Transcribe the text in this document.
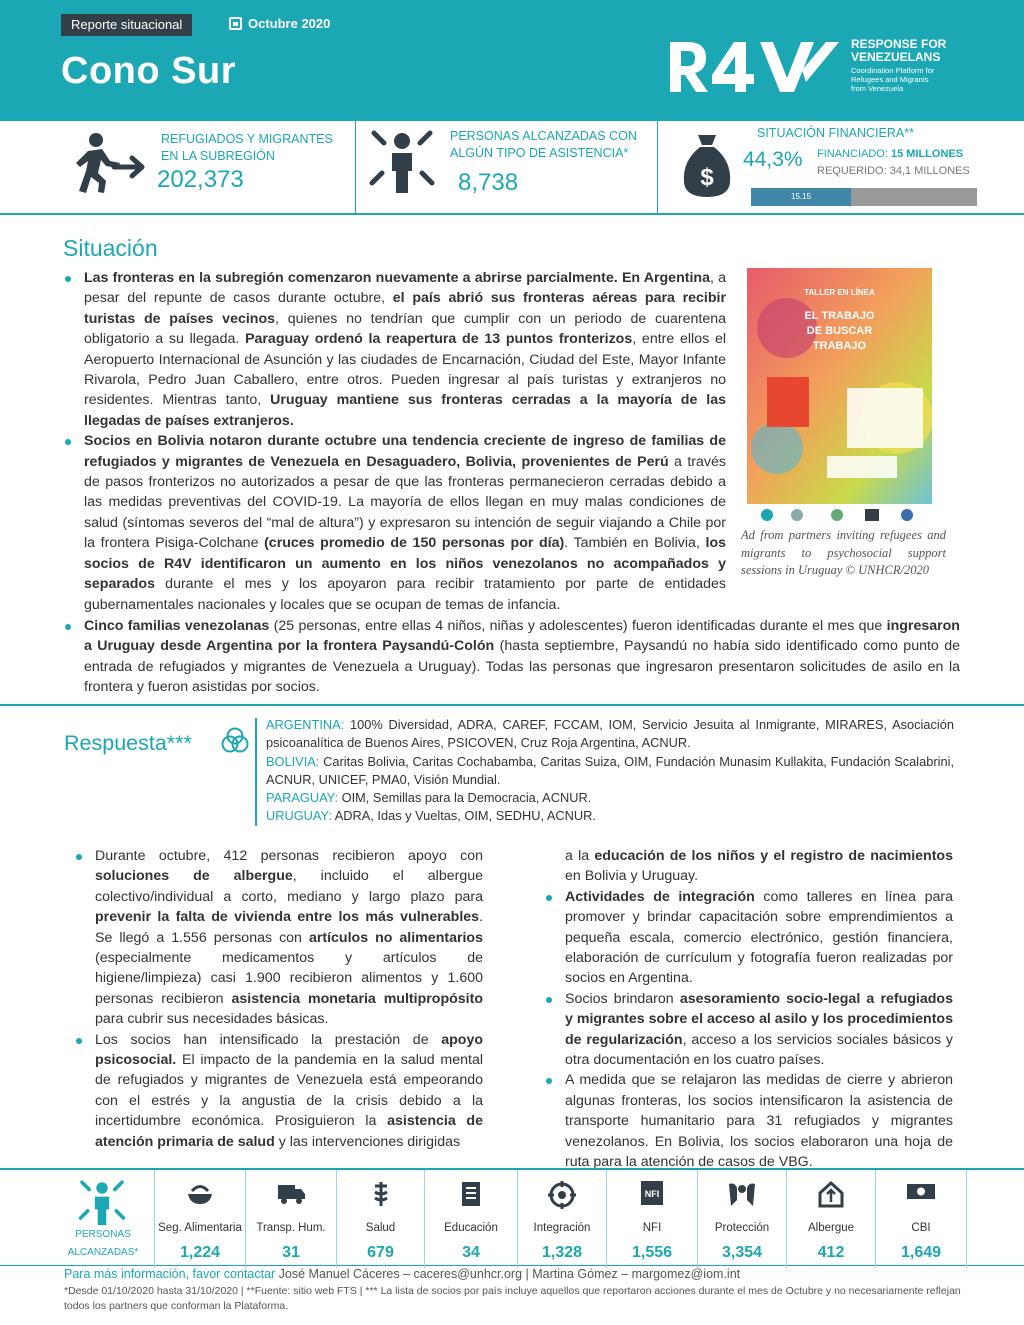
Reporte situacional	Octubre 2020
Cono Sur
RESPONSE FOR
VENEZUELANS
Coordination Platform for
Refugees and Migrants
from Venezuela
REFUGIADOS Y MIGRANTES
EN LA SUBREGIÓN
202,373
PERSONAS ALCANZADAS CON
ALGÚN TIPO DE ASISTENCIA*
8,738	$
SITUACIÓN FINANCIERA**
44,3% FINANCIADO: 15 MILLONES
REQUERIDO: 34,1 MILLONES
15.15
Situación
Las fronteras en la subregión comenzaron nuevamente a abrirse parcialmente. En Argentina, a pesar del repunte de casos durante octubre, el país abrió sus fronteras aéreas para recibir turistas de países vecinos, quienes no tendrían que cumplir con un periodo de cuarentena obligatorio a su llegada. Paraguay ordenó la reapertura de 13 puntos fronterizos, entre ellos el Aeropuerto Internacional de Asunción y las ciudades de Encarnación, Ciudad del Este, Mayor Infante Rivarola, Pedro Juan Caballero, entre otros. Pueden ingresar al país turistas y extranjeros no residentes. Mientras tanto, Uruguay mantiene sus fronteras cerradas a la mayoría de las llegadas de países extranjeros.
Socios en Bolivia notaron durante octubre una tendencia creciente de ingreso de familias de refugiados y migrantes de Venezuela en Desaguadero, Bolivia, provenientes de Perú a través de pasos fronterizos no autorizados a pesar de que las fronteras permanecieron cerradas debido a las medidas preventivas del COVID-19. La mayoría de ellos llegan en muy malas condiciones de salud (síntomas severos del “mal de altura”) y expresaron su intención de seguir viajando a Chile por la frontera Pisiga-Colchane (cruces promedio de 150 personas por día). También en Bolivia, los socios de R4V identificaron un aumento en los niños venezolanos no acompañados y separados durante el mes y los apoyaron para recibir tratamiento por parte de entidades gubernamentales nacionales y locales que se ocupan de temas de infancia.
Cinco familias venezolanas (25 personas, entre ellas 4 niños, niñas y adolescentes) fueron identificadas durante el mes que ingresaron a Uruguay desde Argentina por la frontera Paysandú-Colón (hasta septiembre, Paysandú no había sido identificado como punto de entrada de refugiados y migrantes de Venezuela a Uruguay). Todas las personas que ingresaron presentaron solicitudes de asilo en la frontera y fueron asistidas por socios.
TALLER EN LÍNEA
EL TRABAJO
DE BUSCAR
TRABAJO
Ad from partners inviting refugees and migrants to psychosocial support sessions in Uruguay © UNHCR/2020
Respuesta***
ARGENTINA: 100% Diversidad, ADRA, CAREF, FCCAM, IOM, Servicio Jesuita al Inmigrante, MIRARES, Asociación psicoanalítica de Buenos Aires, PSICOVEN, Cruz Roja Argentina, ACNUR.
BOLIVIA: Caritas Bolivia, Caritas Cochabamba, Caritas Suiza, OIM, Fundación Munasim Kullakita, Fundación Scalabrini, ACNUR, UNICEF, PMA0, Visión Mundial.
PARAGUAY: OIM, Semillas para la Democracia, ACNUR.
URUGUAY: ADRA, Idas y Vueltas, OIM, SEDHU, ACNUR.
Durante octubre, 412 personas recibieron apoyo con soluciones de albergue, incluido el albergue colectivo/individual a corto, mediano y largo plazo para prevenir la falta de vivienda entre los más vulnerables. Se llegó a 1.556 personas con artículos no alimentarios (especialmente medicamentos y artículos de higiene/limpieza) casi 1.900 recibieron alimentos y 1.600 personas recibieron asistencia monetaria multipropósito para cubrir sus necesidades básicas.
Los socios han intensificado la prestación de apoyo psicosocial. El impacto de la pandemia en la salud mental de refugiados y migrantes de Venezuela está empeorando con el estrés y la angustia de la crisis debido a la incertidumbre económica. Prosiguieron la asistencia de atención primaria de salud y las intervenciones dirigidas
a la educación de los niños y el registro de nacimientos en Bolivia y Uruguay.
Actividades de integración como talleres en línea para promover y brindar capacitación sobre emprendimientos a pequeña escala, comercio electrónico, gestión financiera, elaboración de currículum y fotografía fueron realizadas por socios en Argentina.
Socios brindaron asesoramiento socio-legal a refugiados y migrantes sobre el acceso al asilo y los procedimientos de regularización, acceso a los servicios sociales básicos y otra documentación en los cuatro países.
A medida que se relajaron las medidas de cierre y abrieron algunas fronteras, los socios intensificaron la asistencia de transporte humanitario para 31 refugiados y migrantes venezolanos. En Bolivia, los socios elaboraron una hoja de ruta para la atención de casos de VBG.
Seg. Alimentaria
1,224
Transp. Hum.
31
Salud
679
Educación
34
Integración
1,328
NFI
NFI
1,556
Protección
3,354
Albergue
412
CBI
1,649
PERSONAS
ALCANZADAS*
Para más información, favor contactar José Manuel Cáceres – caceres@unhcr.org | Martina Gómez – margomez@iom.int
*Desde 01/10/2020 hasta 31/10/2020 | **Fuente: sitio web FTS | *** La lista de socios por país incluye aquellos que reportaron acciones durante el mes de Octubre y no necesariamente reflejan todos los partners que conforman la Plataforma.
